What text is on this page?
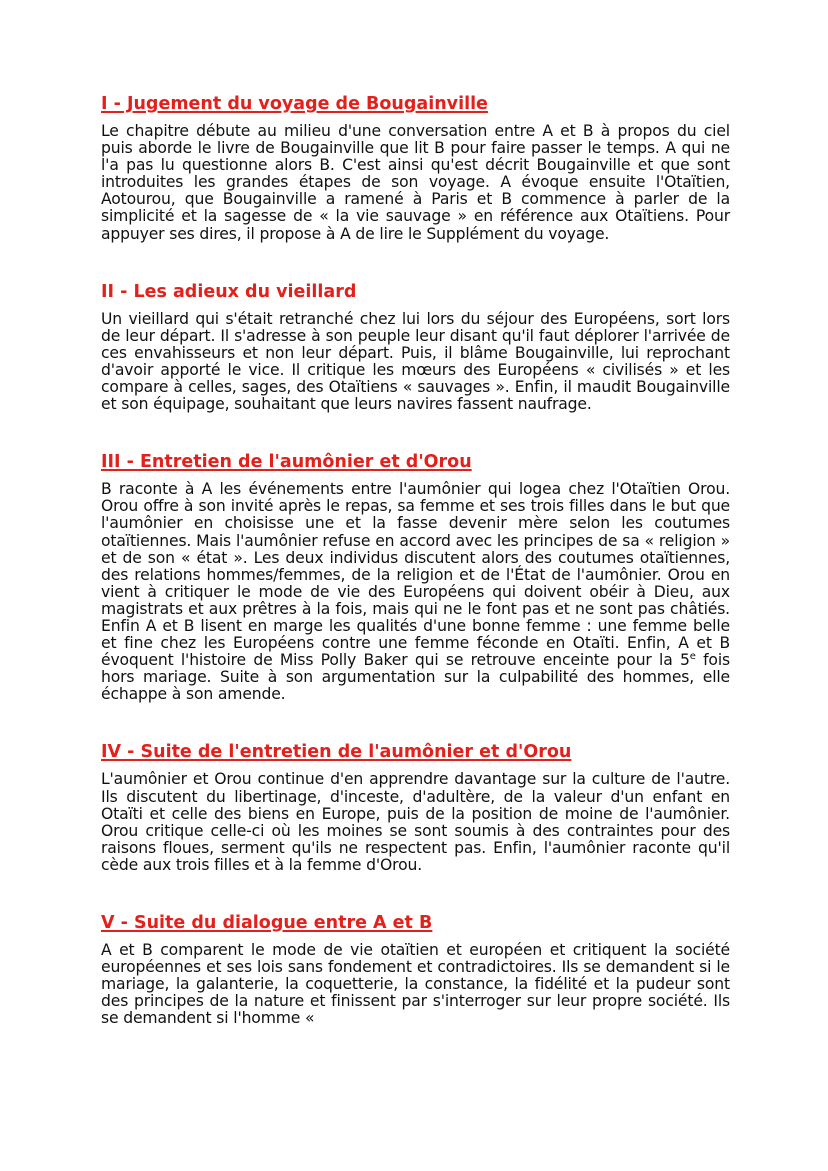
I - Jugement du voyage de Bougainville

Le chapitre débute au milieu d'une conversation entre A et B à propos du ciel puis aborde le livre de Bougainville que lit B pour faire passer le temps. A qui ne l'a pas lu questionne alors B. C'est ainsi qu'est décrit Bougainville et que sont introduites les grandes étapes de son voyage. A évoque ensuite l'Otaïtien, Aotourou, que Bougainville a ramené à Paris et B commence à parler de la simplicité et la sagesse de « la vie sauvage » en référence aux Otaïtiens. Pour appuyer ses dires, il propose à A de lire le Supplément du voyage.

II - Les adieux du vieillard

Un vieillard qui s'était retranché chez lui lors du séjour des Européens, sort lors de leur départ. Il s'adresse à son peuple leur disant qu'il faut déplorer l'arrivée de ces envahisseurs et non leur départ. Puis, il blâme Bougainville, lui reprochant d'avoir apporté le vice. Il critique les mœurs des Européens « civilisés » et les compare à celles, sages, des Otaïtiens « sauvages ». Enfin, il maudit Bougainville et son équipage, souhaitant que leurs navires fassent naufrage.

III - Entretien de l'aumônier et d'Orou

B raconte à A les événements entre l'aumônier qui logea chez l'Otaïtien Orou. Orou offre à son invité après le repas, sa femme et ses trois filles dans le but que l'aumônier en choisisse une et la fasse devenir mère selon les coutumes otaïtiennes. Mais l'aumônier refuse en accord avec les principes de sa « religion » et de son « état ». Les deux individus discutent alors des coutumes otaïtiennes, des relations hommes/femmes, de la religion et de l'État de l'aumônier. Orou en vient à critiquer le mode de vie des Européens qui doivent obéir à Dieu, aux magistrats et aux prêtres à la fois, mais qui ne le font pas et ne sont pas châtiés. Enfin A et B lisent en marge les qualités d'une bonne femme : une femme belle et fine chez les Européens contre une femme féconde en Otaïti. Enfin, A et B évoquent l'histoire de Miss Polly Baker qui se retrouve enceinte pour la 5e fois hors mariage. Suite à son argumentation sur la culpabilité des hommes, elle échappe à son amende.

IV - Suite de l'entretien de l'aumônier et d'Orou

L'aumônier et Orou continue d'en apprendre davantage sur la culture de l'autre. Ils discutent du libertinage, d'inceste, d'adultère, de la valeur d'un enfant en Otaïti et celle des biens en Europe, puis de la position de moine de l'aumônier. Orou critique celle-ci où les moines se sont soumis à des contraintes pour des raisons floues, serment qu'ils ne respectent pas. Enfin, l'aumônier raconte qu'il cède aux trois filles et à la femme d'Orou.

V - Suite du dialogue entre A et B

A et B comparent le mode de vie otaïtien et européen et critiquent la société européennes et ses lois sans fondement et contradictoires. Ils se demandent si le mariage, la galanterie, la coquetterie, la constance, la fidélité et la pudeur sont des principes de la nature et finissent par s'interroger sur leur propre société. Ils se demandent si l'homme «
